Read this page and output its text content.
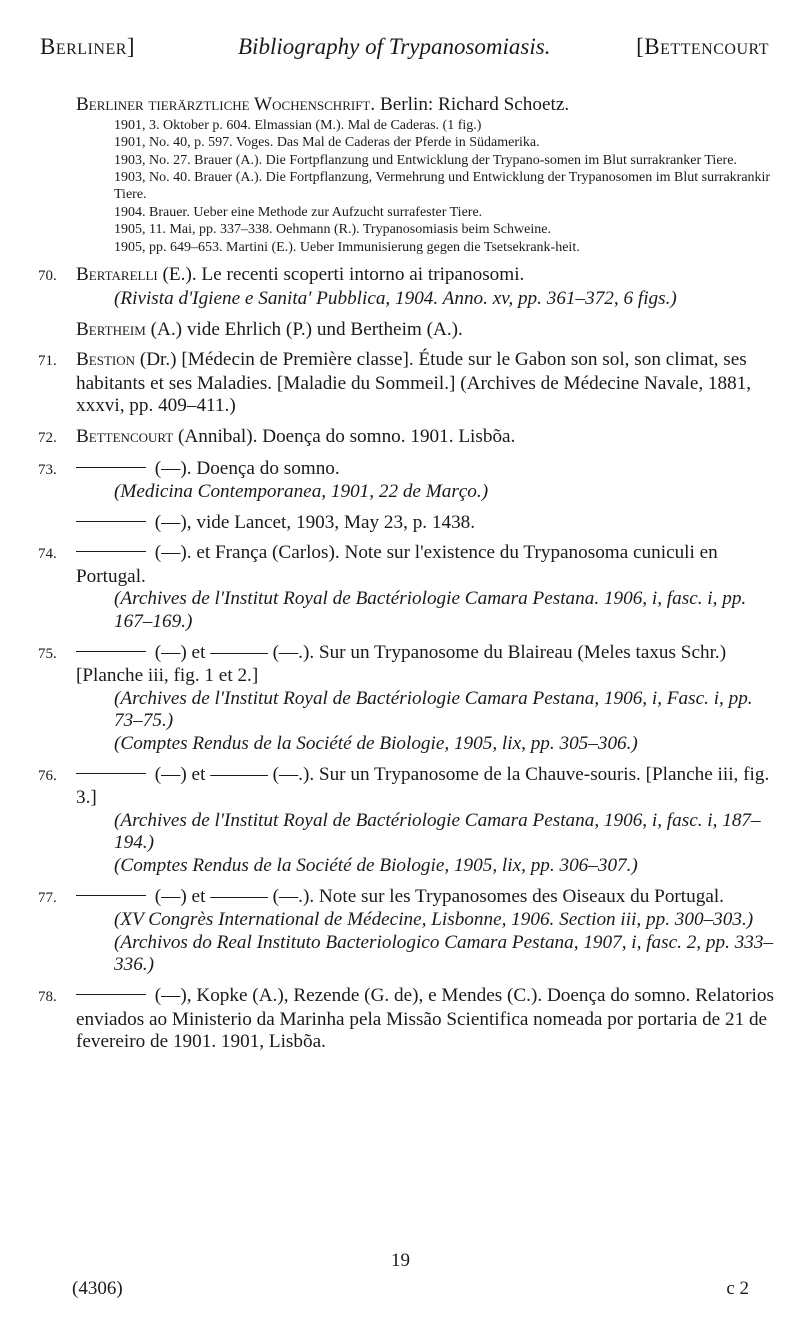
Berliner]	Bibliography of Trypanosomiasis.	[Bettencourt
Berliner tierärztliche Wochenschrift. Berlin: Richard Schoetz.
1901, 3. Oktober p. 604. Elmassian (M.). Mal de Caderas. (1 fig.)
1901, No. 40, p. 597. Voges. Das Mal de Caderas der Pferde in Südamerika.
1903, No. 27. Brauer (A.). Die Fortpflanzung und Entwicklung der Trypano-somen im Blut surrakranker Tiere.
1903, No. 40. Brauer (A.). Die Fortpflanzung, Vermehrung und Entwicklung der Trypanosomen im Blut surrakrankir Tiere.
1904. Brauer. Ueber eine Methode zur Aufzucht surrafester Tiere.
1905, 11. Mai, pp. 337–338. Oehmann (R.). Trypanosomiasis beim Schweine.
1905, pp. 649–653. Martini (E.). Ueber Immunisierung gegen die Tsetsekrank-heit.
70. Bertarelli (E.). Le recenti scoperti intorno ai tripanosomi.
(Rivista d'Igiene e Sanita' Pubblica, 1904. Anno. xv, pp. 361–372, 6 figs.)
Bertheim (A.) vide Ehrlich (P.) und Bertheim (A.).
71. Bestion (Dr.) [Médecin de Première classe]. Étude sur le Gabon son sol, son climat, ses habitants et ses Maladies. [Maladie du Sommeil.] (Archives de Médecine Navale, 1881, xxxvi, pp. 409–411.)
72. Bettencourt (Annibal). Doença do somno. 1901. Lisbõa.
73.	(—). Doença do somno.
(Medicina Contemporanea, 1901, 22 de Março.)
(—), vide Lancet, 1903, May 23, p. 1438.
74.	(—). et França (Carlos). Note sur l'existence du Trypanosoma cuniculi en Portugal.
(Archives de l'Institut Royal de Bactériologie Camara Pestana. 1906, i, fasc. i, pp. 167–169.)
75.	(—) et ——— (—.). Sur un Trypanosome du Blaireau (Meles taxus Schr.) [Planche iii, fig. 1 et 2.]
(Archives de l'Institut Royal de Bactériologie Camara Pestana, 1906, i, Fasc. i, pp. 73–75.)
(Comptes Rendus de la Société de Biologie, 1905, lix, pp. 305–306.)
76.	(—) et ——— (—.). Sur un Trypanosome de la Chauve-souris. [Planche iii, fig. 3.]
(Archives de l'Institut Royal de Bactériologie Camara Pestana, 1906, i, fasc. i, 187–194.)
(Comptes Rendus de la Société de Biologie, 1905, lix, pp. 306–307.)
77.	(—) et ——— (—.). Note sur les Trypanosomes des Oiseaux du Portugal.
(XV Congrès International de Médecine, Lisbonne, 1906. Section iii, pp. 300–303.)
(Archivos do Real Instituto Bacteriologico Camara Pestana, 1907, i, fasc. 2, pp. 333–336.)
78.	(—), Kopke (A.), Rezende (G. de), e Mendes (C.). Doença do somno. Relatorios enviados ao Ministerio da Marinha pela Missão Scientifica nomeada por portaria de 21 de fevereiro de 1901. 1901, Lisbõa.
19
(4306)	c 2
